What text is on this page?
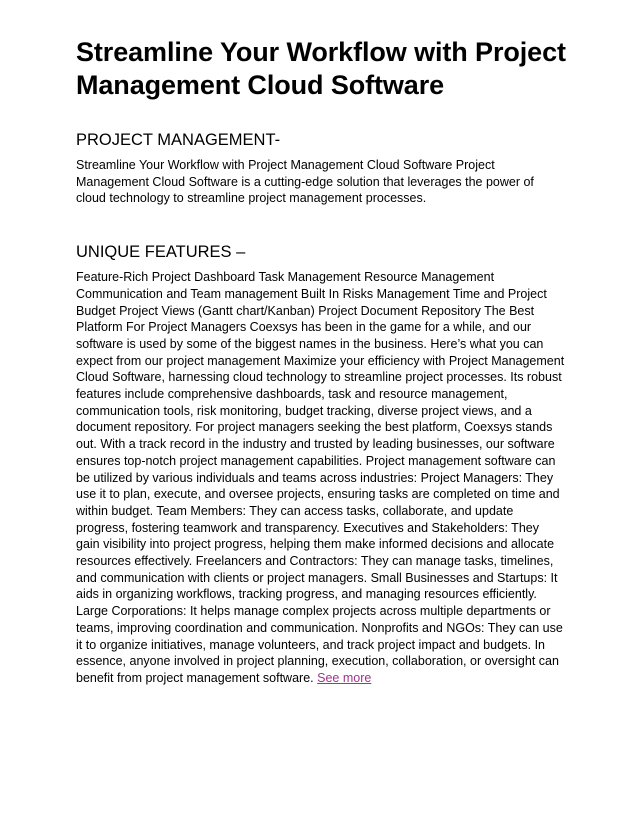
Streamline Your Workflow with Project Management Cloud Software
PROJECT MANAGEMENT-

Streamline Your Workflow with Project Management Cloud Software Project Management Cloud Software is a cutting-edge solution that leverages the power of cloud technology to streamline project management processes.

UNIQUE FEATURES –

Feature-Rich Project Dashboard Task Management Resource Management Communication and Team management Built In Risks Management Time and Project Budget Project Views (Gantt chart/Kanban) Project Document Repository The Best Platform For Project Managers Coexsys has been in the game for a while, and our software is used by some of the biggest names in the business. Here’s what you can expect from our project management Maximize your efficiency with Project Management Cloud Software, harnessing cloud technology to streamline project processes. Its robust features include comprehensive dashboards, task and resource management, communication tools, risk monitoring, budget tracking, diverse project views, and a document repository. For project managers seeking the best platform, Coexsys stands out. With a track record in the industry and trusted by leading businesses, our software ensures top-notch project management capabilities. Project management software can be utilized by various individuals and teams across industries: Project Managers: They use it to plan, execute, and oversee projects, ensuring tasks are completed on time and within budget. Team Members: They can access tasks, collaborate, and update progress, fostering teamwork and transparency. Executives and Stakeholders: They gain visibility into project progress, helping them make informed decisions and allocate resources effectively. Freelancers and Contractors: They can manage tasks, timelines, and communication with clients or project managers. Small Businesses and Startups: It aids in organizing workflows, tracking progress, and managing resources efficiently. Large Corporations: It helps manage complex projects across multiple departments or teams, improving coordination and communication. Nonprofits and NGOs: They can use it to organize initiatives, manage volunteers, and track project impact and budgets. In essence, anyone involved in project planning, execution, collaboration, or oversight can benefit from project management software. See more
